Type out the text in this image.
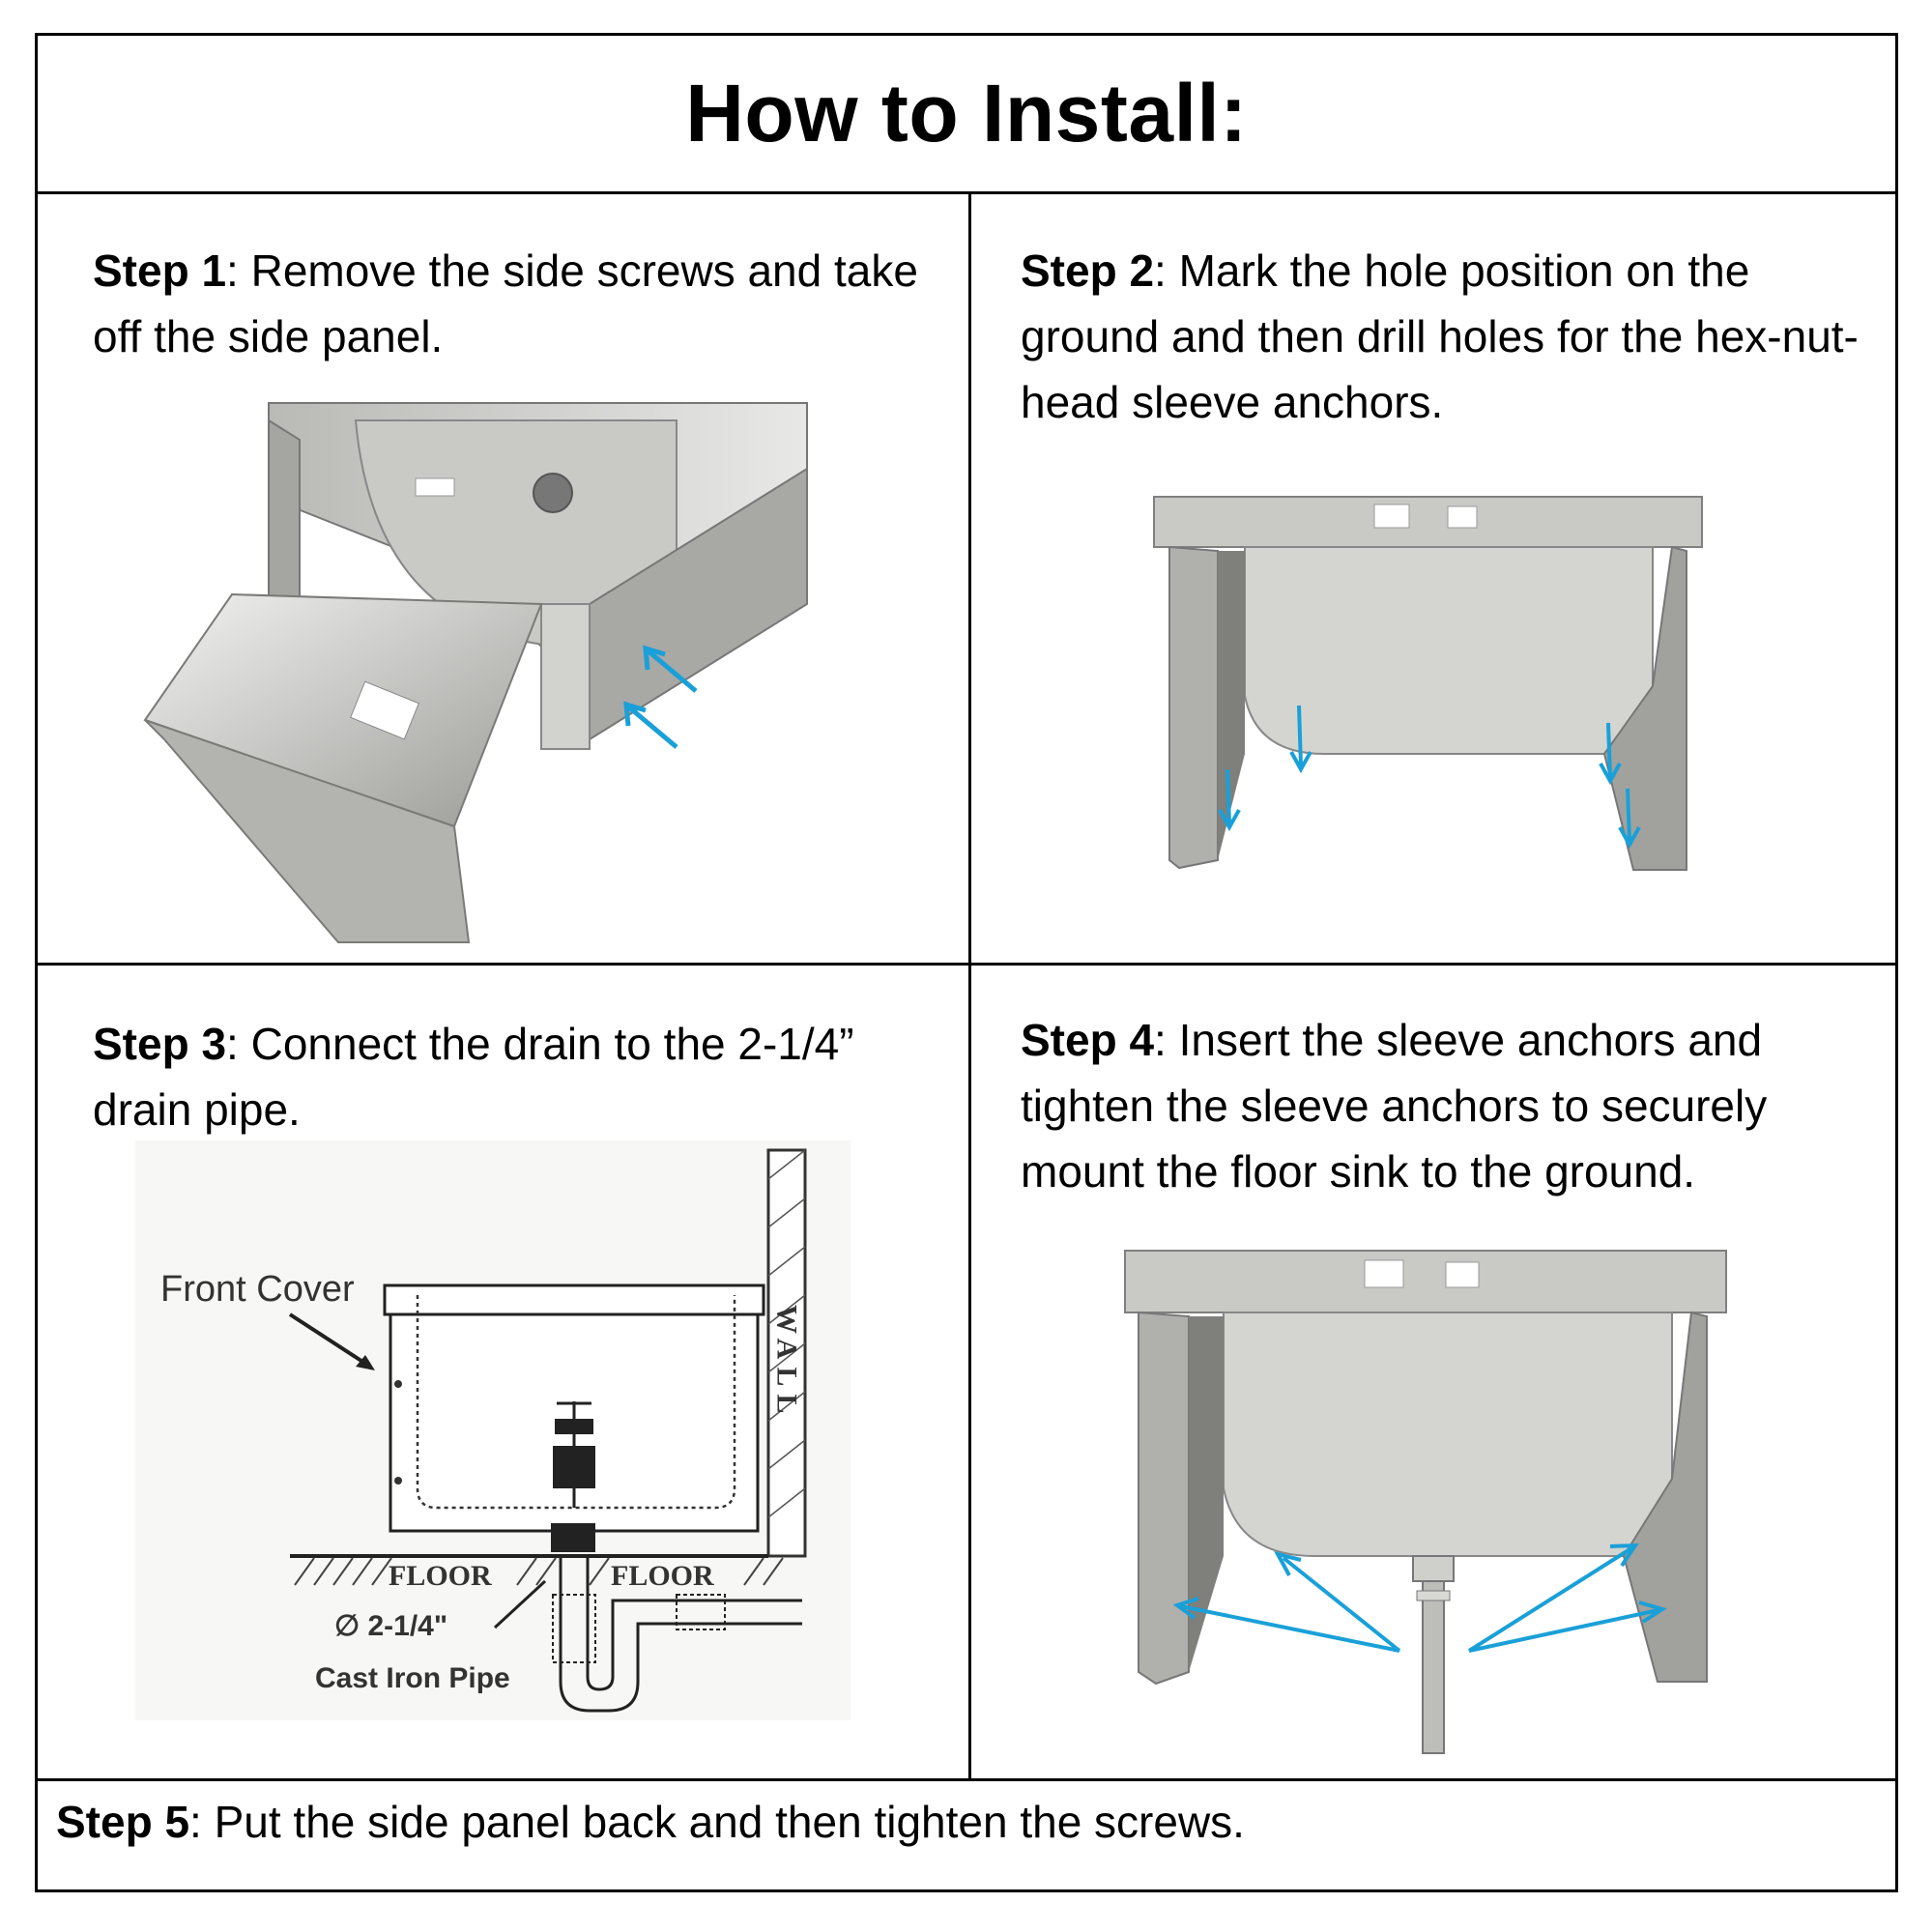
How to Install:
Step 1: Remove the side screws and take off the side panel.
Step 2: Mark the hole position on the ground and then drill holes for the hex-nut-head sleeve anchors.
Step 3: Connect the drain to the 2-1/4” drain pipe.
WALL
FLOOR	FLOOR
Front Cover
∅ 2-1/4"
Cast Iron Pipe
Step 4: Insert the sleeve anchors and tighten the sleeve anchors to securely mount the floor sink to the ground.
Step 5: Put the side panel back and then tighten the screws.
